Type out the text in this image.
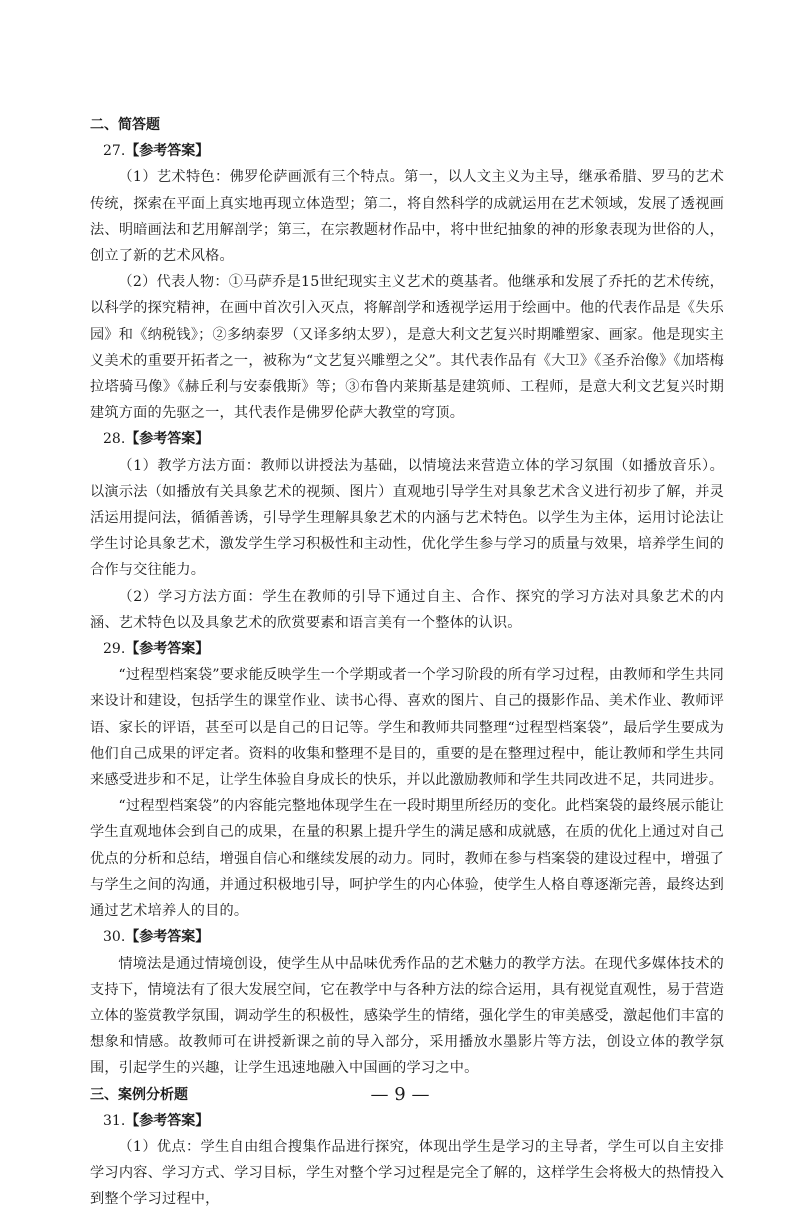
二、简答题

27.【参考答案】

（1）艺术特色：佛罗伦萨画派有三个特点。第一，以人文主义为主导，继承希腊、罗马的艺术传统，探索在平面上真实地再现立体造型；第二，将自然科学的成就运用在艺术领域，发展了透视画法、明暗画法和艺用解剖学；第三，在宗教题材作品中，将中世纪抽象的神的形象表现为世俗的人，创立了新的艺术风格。

（2）代表人物：①马萨乔是15世纪现实主义艺术的奠基者。他继承和发展了乔托的艺术传统，以科学的探究精神，在画中首次引入灭点，将解剖学和透视学运用于绘画中。他的代表作品是《失乐园》和《纳税钱》；②多纳泰罗（又译多纳太罗），是意大利文艺复兴时期雕塑家、画家。他是现实主义美术的重要开拓者之一，被称为“文艺复兴雕塑之父”。其代表作品有《大卫》《圣乔治像》《加塔梅拉塔骑马像》《赫丘利与安泰俄斯》等；③布鲁内莱斯基是建筑师、工程师，是意大利文艺复兴时期建筑方面的先驱之一，其代表作是佛罗伦萨大教堂的穹顶。

28.【参考答案】

（1）教学方法方面：教师以讲授法为基础，以情境法来营造立体的学习氛围（如播放音乐）。以演示法（如播放有关具象艺术的视频、图片）直观地引导学生对具象艺术含义进行初步了解，并灵活运用提问法，循循善诱，引导学生理解具象艺术的内涵与艺术特色。以学生为主体，运用讨论法让学生讨论具象艺术，激发学生学习积极性和主动性，优化学生参与学习的质量与效果，培养学生间的合作与交往能力。

（2）学习方法方面：学生在教师的引导下通过自主、合作、探究的学习方法对具象艺术的内涵、艺术特色以及具象艺术的欣赏要素和语言美有一个整体的认识。

29.【参考答案】

“过程型档案袋”要求能反映学生一个学期或者一个学习阶段的所有学习过程，由教师和学生共同来设计和建设，包括学生的课堂作业、读书心得、喜欢的图片、自己的摄影作品、美术作业、教师评语、家长的评语，甚至可以是自己的日记等。学生和教师共同整理“过程型档案袋”，最后学生要成为他们自己成果的评定者。资料的收集和整理不是目的，重要的是在整理过程中，能让教师和学生共同来感受进步和不足，让学生体验自身成长的快乐，并以此激励教师和学生共同改进不足，共同进步。

“过程型档案袋”的内容能完整地体现学生在一段时期里所经历的变化。此档案袋的最终展示能让学生直观地体会到自己的成果，在量的积累上提升学生的满足感和成就感，在质的优化上通过对自己优点的分析和总结，增强自信心和继续发展的动力。同时，教师在参与档案袋的建设过程中，增强了与学生之间的沟通，并通过积极地引导，呵护学生的内心体验，使学生人格自尊逐渐完善，最终达到通过艺术培养人的目的。

30.【参考答案】

情境法是通过情境创设，使学生从中品味优秀作品的艺术魅力的教学方法。在现代多媒体技术的支持下，情境法有了很大发展空间，它在教学中与各种方法的综合运用，具有视觉直观性，易于营造立体的鉴赏教学氛围，调动学生的积极性，感染学生的情绪，强化学生的审美感受，激起他们丰富的想象和情感。故教师可在讲授新课之前的导入部分，采用播放水墨影片等方法，创设立体的教学氛围，引起学生的兴趣，让学生迅速地融入中国画的学习之中。

三、案例分析题

31.【参考答案】

（1）优点：学生自由组合搜集作品进行探究，体现出学生是学习的主导者，学生可以自主安排学习内容、学习方式、学习目标，学生对整个学习过程是完全了解的，这样学生会将极大的热情投入到整个学习过程中，

— 9 —
